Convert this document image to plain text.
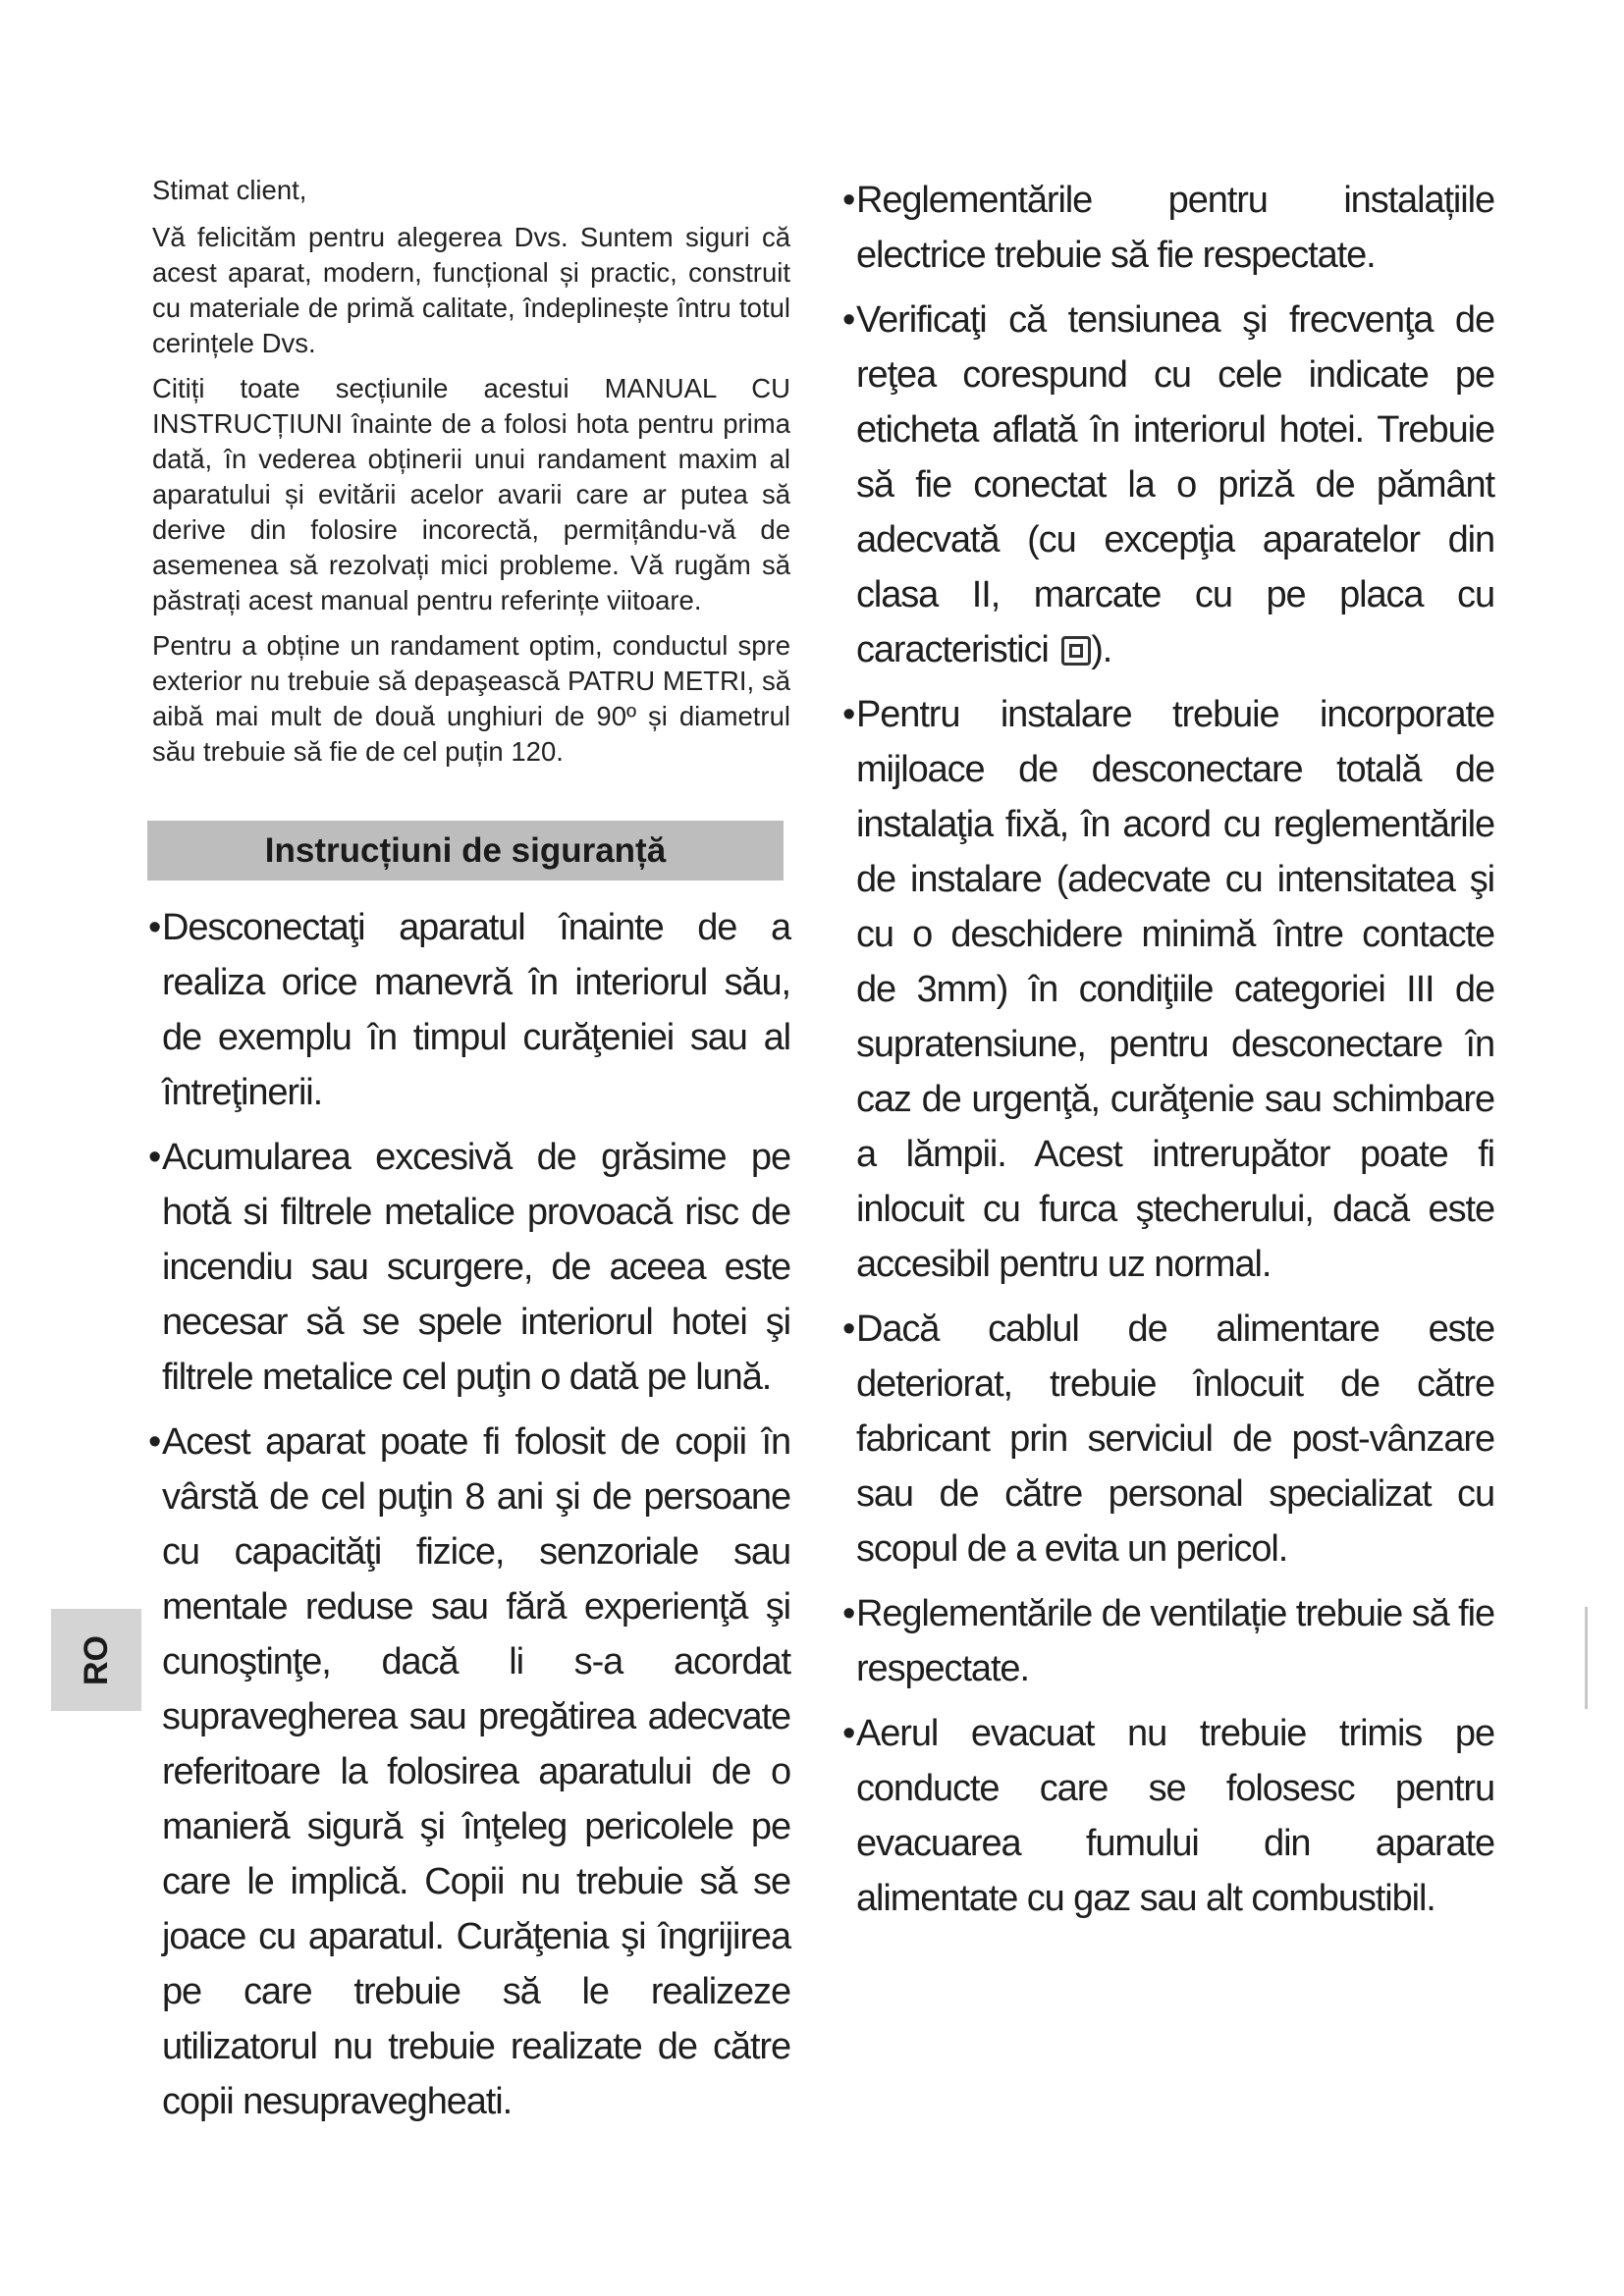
Stimat client,

Vă felicităm pentru alegerea Dvs. Suntem siguri că acest aparat, modern, funcțional și practic, construit cu materiale de primă calitate, îndeplinește întru totul cerințele Dvs.

Citiți toate secțiunile acestui MANUAL CU INSTRUCȚIUNI înainte de a folosi hota pentru prima dată, în vederea obținerii unui randament maxim al aparatului și evitării acelor avarii care ar putea să derive din folosire incorectă, permițându-vă de asemenea să rezolvați mici probleme. Vă rugăm să păstrați acest manual pentru referințe viitoare.

Pentru a obține un randament optim, conductul spre exterior nu trebuie să depaşească PATRU METRI, să aibă mai mult de două unghiuri de 90º și diametrul său trebuie să fie de cel puțin 120.

Instrucțiuni de siguranță
• Desconectaţi aparatul înainte de a realiza orice manevră în interiorul său, de exemplu în timpul curăţeniei sau al întreţinerii.
• Acumularea excesivă de grăsime pe hotă si filtrele metalice provoacă risc de incendiu sau scurgere, de aceea este necesar să se spele interiorul hotei şi filtrele metalice cel puţin o dată pe lună.
• Acest aparat poate fi folosit de copii în vârstă de cel puţin 8 ani şi de persoane cu capacităţi fizice, senzoriale sau mentale reduse sau fără experienţă şi cunoştinţe, dacă li s-a acordat supravegherea sau pregătirea adecvate referitoare la folosirea aparatului de o manieră sigură şi înţeleg pericolele pe care le implică. Copii nu trebuie să se joace cu aparatul. Curăţenia şi îngrijirea pe care trebuie să le realizeze utilizatorul nu trebuie realizate de către copii nesupravegheati.
• Reglementările pentru instalațiile electrice trebuie să fie respectate.
• Verificaţi că tensiunea şi frecvenţa de reţea corespund cu cele indicate pe eticheta aflată în interiorul hotei. Trebuie să fie conectat la o priză de pământ adecvată (cu excepţia aparatelor din clasa II, marcate cu pe placa cu caracteristici ).
• Pentru instalare trebuie incorporate mijloace de desconectare totală de instalaţia fixă, în acord cu reglementările de instalare (adecvate cu intensitatea şi cu o deschidere minimă între contacte de 3mm) în condiţiile categoriei III de supratensiune, pentru desconectare în caz de urgenţă, curăţenie sau schimbare a lămpii. Acest intrerupător poate fi inlocuit cu furca ştecherului, dacă este accesibil pentru uz normal.
• Dacă cablul de alimentare este deteriorat, trebuie înlocuit de către fabricant prin serviciul de post-vânzare sau de către personal specializat cu scopul de a evita un pericol.
• Reglementările de ventilație trebuie să fie respectate.
• Aerul evacuat nu trebuie trimis pe conducte care se folosesc pentru evacuarea fumului din aparate alimentate cu gaz sau alt combustibil.
RO
